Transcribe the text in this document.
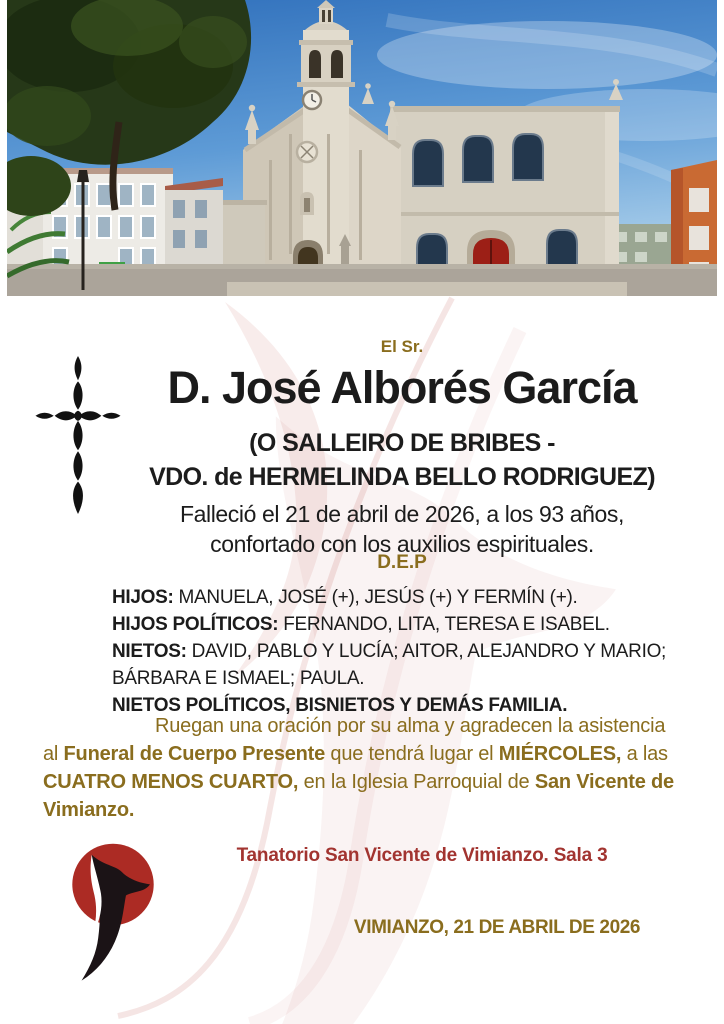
El Sr.
D. José Alborés García
(O SALLEIRO DE BRIBES -
VDO. de HERMELINDA BELLO RODRIGUEZ)
Falleció el 21 de abril de 2026, a los 93 años,
confortado con los auxilios espirituales.
D.E.P

HIJOS: MANUELA, JOSÉ (+), JESÚS (+) Y FERMÍN (+).

HIJOS POLÍTICOS: FERNANDO, LITA, TERESA E ISABEL.

NIETOS: DAVID, PABLO Y LUCÍA; AITOR, ALEJANDRO Y MARIO; BÁRBARA E ISMAEL; PAULA.

NIETOS POLÍTICOS, BISNIETOS Y DEMÁS FAMILIA.

Ruegan una oración por su alma y agradecen la asistencia al Funeral de Cuerpo Presente que tendrá lugar el MIÉRCOLES, a las CUATRO MENOS CUARTO, en la Iglesia Parroquial de San Vicente de Vimianzo.

Tanatorio San Vicente de Vimianzo. Sala 3
VIMIANZO, 21 DE ABRIL DE 2026
